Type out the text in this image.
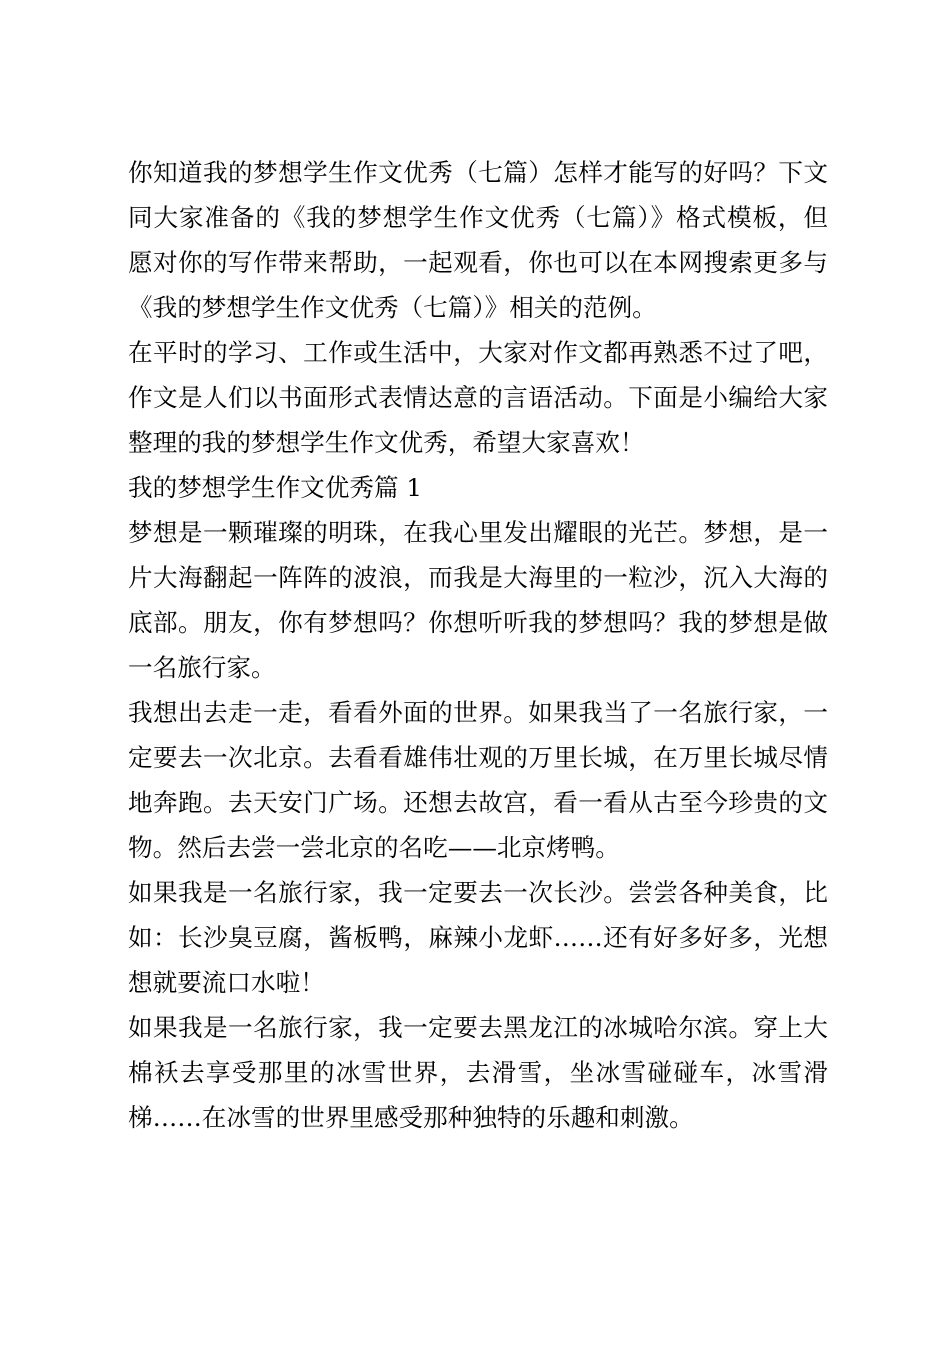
你知道我的梦想学生作文优秀（七篇）怎样才能写的好吗？下文同大家准备的《我的梦想学生作文优秀（七篇）》格式模板，但愿对你的写作带来帮助，一起观看，你也可以在本网搜索更多与《我的梦想学生作文优秀（七篇）》相关的范例。

在平时的学习、工作或生活中，大家对作文都再熟悉不过了吧，作文是人们以书面形式表情达意的言语活动。下面是小编给大家整理的我的梦想学生作文优秀，希望大家喜欢！

我的梦想学生作文优秀篇 1

梦想是一颗璀璨的明珠，在我心里发出耀眼的光芒。梦想，是一片大海翻起一阵阵的波浪，而我是大海里的一粒沙，沉入大海的底部。朋友，你有梦想吗？你想听听我的梦想吗？我的梦想是做一名旅行家。

我想出去走一走，看看外面的世界。如果我当了一名旅行家，一定要去一次北京。去看看雄伟壮观的万里长城，在万里长城尽情地奔跑。去天安门广场。还想去故宫，看一看从古至今珍贵的文物。然后去尝一尝北京的名吃——北京烤鸭。

如果我是一名旅行家，我一定要去一次长沙。尝尝各种美食，比如：长沙臭豆腐，酱板鸭，麻辣小龙虾……还有好多好多，光想想就要流口水啦！

如果我是一名旅行家，我一定要去黑龙江的冰城哈尔滨。穿上大棉袄去享受那里的冰雪世界，去滑雪，坐冰雪碰碰车，冰雪滑梯……在冰雪的世界里感受那种独特的乐趣和刺激。
